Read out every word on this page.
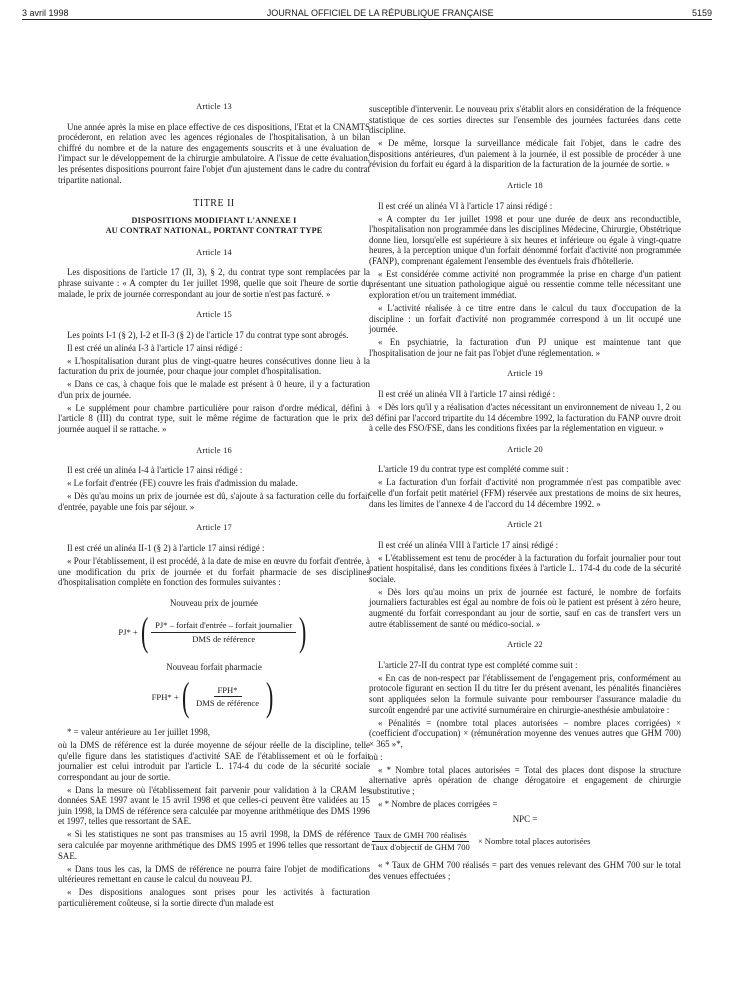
3 avril 1998	JOURNAL OFFICIEL DE LA RÉPUBLIQUE FRANÇAISE	5159

Article 13

Une année après la mise en place effective de ces dispositions, l'Etat et la CNAMTS procéderont, en relation avec les agences régionales de l'hospitalisation, à un bilan chiffré du nombre et de la nature des engagements souscrits et à une évaluation de l'impact sur le développement de la chirurgie ambulatoire. A l'issue de cette évaluation, les présentes dispositions pourront faire l'objet d'un ajustement dans le cadre du contrat tripartite national.

TITRE II
DISPOSITIONS MODIFIANT L'ANNEXE I
AU CONTRAT NATIONAL, PORTANT CONTRAT TYPE

Article 14

Les dispositions de l'article 17 (II, 3), § 2, du contrat type sont remplacées par la phrase suivante : « A compter du 1er juillet 1998, quelle que soit l'heure de sortie du malade, le prix de journée correspondant au jour de sortie n'est pas facturé. »

Article 15

Les points I-1 (§ 2), I-2 et II-3 (§ 2) de l'article 17 du contrat type sont abrogés.

Il est créé un alinéa I-3 à l'article 17 ainsi rédigé :

« L'hospitalisation durant plus de vingt-quatre heures consécutives donne lieu à la facturation du prix de journée, pour chaque jour complet d'hospitalisation.

« Dans ce cas, à chaque fois que le malade est présent à 0 heure, il y a facturation d'un prix de journée.

« Le supplément pour chambre particulière pour raison d'ordre médical, défini à l'article 8 (III) du contrat type, suit le même régime de facturation que le prix de journée auquel il se rattache. »

Article 16

Il est créé un alinéa I-4 à l'article 17 ainsi rédigé :

« Le forfait d'entrée (FE) couvre les frais d'admission du malade.

« Dès qu'au moins un prix de journée est dû, s'ajoute à sa facturation celle du forfait d'entrée, payable une fois par séjour. »

Article 17

Il est créé un alinéa II-1 (§ 2) à l'article 17 ainsi rédigé :

« Pour l'établissement, il est procédé, à la date de mise en œuvre du forfait d'entrée, à une modification du prix de journée et du forfait pharmacie de ses disciplines d'hospitalisation complète en fonction des formules suivantes :

Nouveau prix de journée

PJ* + ( $\frac{\text{PJ* – forfait d'entrée – forfait journalier}}{\text{DMS de référence}}$ )

Nouveau forfait pharmacie

FPH* + ( $\frac{\text{FPH*}}{\text{DMS de référence}}$ )

* = valeur antérieure au 1er juillet 1998,

où la DMS de référence est la durée moyenne de séjour réelle de la discipline, telle qu'elle figure dans les statistiques d'activité SAE de l'établissement et où le forfait journalier est celui introduit par l'article L. 174-4 du code de la sécurité sociale correspondant au jour de sortie.

« Dans la mesure où l'établissement fait parvenir pour validation à la CRAM les données SAE 1997 avant le 15 avril 1998 et que celles-ci peuvent être validées au 15 juin 1998, la DMS de référence sera calculée par moyenne arithmétique des DMS 1996 et 1997, telles que ressortant de SAE.

« Si les statistiques ne sont pas transmises au 15 avril 1998, la DMS de référence sera calculée par moyenne arithmétique des DMS 1995 et 1996 telles que ressortant de SAE.

« Dans tous les cas, la DMS de référence ne pourra faire l'objet de modifications ultérieures remettant en cause le calcul du nouveau PJ.

« Des dispositions analogues sont prises pour les activités à facturation particulièrement coûteuse, si la sortie directe d'un malade est

susceptible d'intervenir. Le nouveau prix s'établit alors en considération de la fréquence statistique de ces sorties directes sur l'ensemble des journées facturées dans cette discipline.

« De même, lorsque la surveillance médicale fait l'objet, dans le cadre des dispositions antérieures, d'un paiement à la journée, il est possible de procéder à une révision du forfait eu égard à la disparition de la facturation de la journée de sortie. »

Article 18

Il est créé un alinéa VI à l'article 17 ainsi rédigé :

« A compter du 1er juillet 1998 et pour une durée de deux ans reconductible, l'hospitalisation non programmée dans les disciplines Médecine, Chirurgie, Obstétrique donne lieu, lorsqu'elle est supérieure à six heures et inférieure ou égale à vingt-quatre heures, à la perception unique d'un forfait dénommé forfait d'activité non programmée (FANP), comprenant également l'ensemble des éventuels frais d'hôtellerie.

« Est considérée comme activité non programmée la prise en charge d'un patient présentant une situation pathologique aiguë ou ressentie comme telle nécessitant une exploration et/ou un traitement immédiat.

« L'activité réalisée à ce titre entre dans le calcul du taux d'occupation de la discipline : un forfait d'activité non programmée correspond à un lit occupé une journée.

« En psychiatrie, la facturation d'un PJ unique est maintenue tant que l'hospitalisation de jour ne fait pas l'objet d'une réglementation. »

Article 19

Il est créé un alinéa VII à l'article 17 ainsi rédigé :

« Dès lors qu'il y a réalisation d'actes nécessitant un environnement de niveau 1, 2 ou 3 défini par l'accord tripartite du 14 décembre 1992, la facturation du FANP ouvre droit à celle des FSO/FSE, dans les conditions fixées par la réglementation en vigueur. »

Article 20

L'article 19 du contrat type est complété comme suit :

« La facturation d'un forfait d'activité non programmée n'est pas compatible avec celle d'un forfait petit matériel (FFM) réservée aux prestations de moins de six heures, dans les limites de l'annexe 4 de l'accord du 14 décembre 1992. »

Article 21

Il est créé un alinéa VIII à l'article 17 ainsi rédigé :

« L'établissement est tenu de procéder à la facturation du forfait journalier pour tout patient hospitalisé, dans les conditions fixées à l'article L. 174-4 du code de la sécurité sociale.

« Dès lors qu'au moins un prix de journée est facturé, le nombre de forfaits journaliers facturables est égal au nombre de fois où le patient est présent à zéro heure, augmenté du forfait correspondant au jour de sortie, sauf en cas de transfert vers un autre établissement de santé ou médico-social. »

Article 22

L'article 27-II du contrat type est complété comme suit :

« En cas de non-respect par l'établissement de l'engagement pris, conformément au protocole figurant en section II du titre Ier du présent avenant, les pénalités financières sont appliquées selon la formule suivante pour rembourser l'assurance maladie du surcoût engendré par une activité surnuméraire en chirurgie-anesthésie ambulatoire :

« Pénalités = (nombre total places autorisées – nombre places corrigées) × (coefficient d'occupation) × (rémunération moyenne des venues autres que GHM 700) × 365 »*,

où :

« * Nombre total places autorisées = Total des places dont dispose la structure alternative après opération de change dérogatoire et engagement de chirurgie substitutive ;

« * Nombre de places corrigées =

NPC =

$\frac{\text{Taux de GMH 700 réalisés}}{\text{Taux d'objectif de GHM 700}}$ × Nombre total places autorisées

« * Taux de GHM 700 réalisés = part des venues relevant des GHM 700 sur le total des venues effectuées ;
